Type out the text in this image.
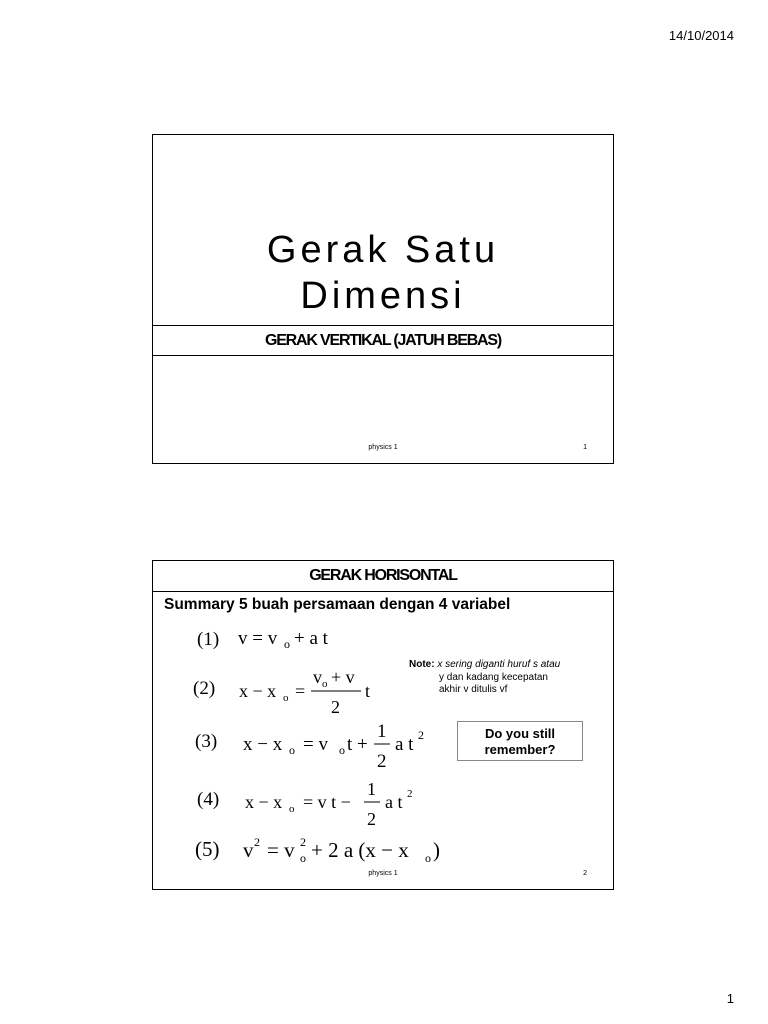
14/10/2014
Gerak Satu
Dimensi
GERAK VERTIKAL (JATUH BEBAS)
physics 1	1
GERAK HORISONTAL
Summary 5 buah persamaan dengan 4 variabel
(1) v = v o + a t
(2) x − x o =
v o + v
2
t
(3) x − x o = v o t +
1
2
a t 2
(4) x − x o = v t −
1
2
a t 2
(5) v 2 = v 2
o + 2 a (x − x o )
Note: x sering diganti huruf s atau
y dan kadang kecepatan
akhir v ditulis vf
Do you still
remember?
physics 1	2
1
